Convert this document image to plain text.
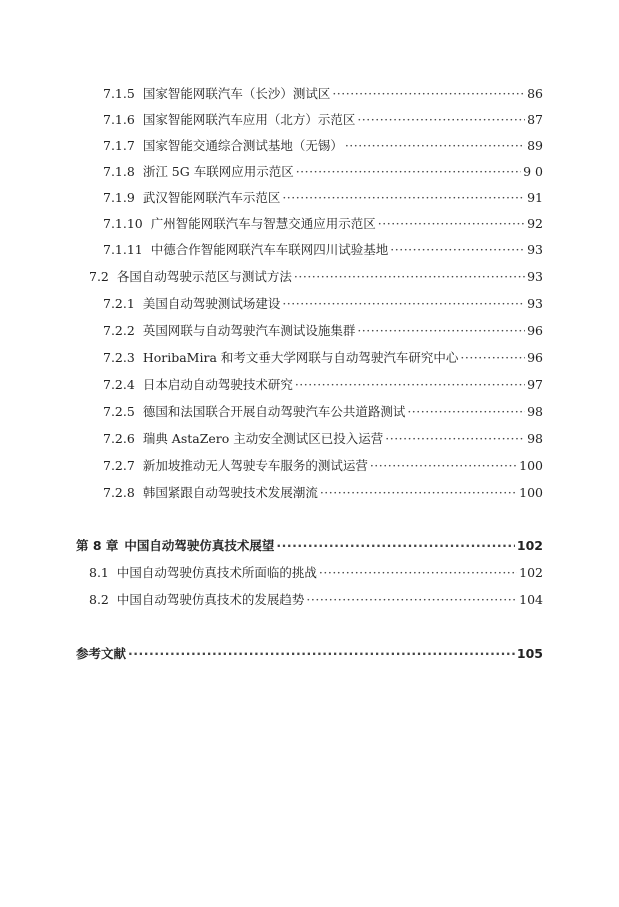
7.1.5 国家智能网联汽车（长沙）测试区 ·····	86
7.1.6 国家智能网联汽车应用（北方）示范区 ·····	87
7.1.7 国家智能交通综合测试基地（无锡） ·····	89
7.1.8 浙江 5G 车联网应用示范区 ·····	9 0
7.1.9 武汉智能网联汽车示范区 ·····	91
7.1.10 广州智能网联汽车与智慧交通应用示范区 ·····	92
7.1.11 中德合作智能网联汽车车联网四川试验基地 ·····	93
7.2 各国自动驾驶示范区与测试方法 ·····	93
7.2.1 美国自动驾驶测试场建设 ·····	93
7.2.2 英国网联与自动驾驶汽车测试设施集群 ·····	96
7.2.3 HoribaMira 和考文垂大学网联与自动驾驶汽车研究中心 ·····	96
7.2.4 日本启动自动驾驶技术研究 ·····	97
7.2.5 德国和法国联合开展自动驾驶汽车公共道路测试 ·····	98
7.2.6 瑞典 AstaZero 主动安全测试区已投入运营 ·····	98
7.2.7 新加坡推动无人驾驶专车服务的测试运营 ·····	100
7.2.8 韩国紧跟自动驾驶技术发展潮流 ·····	100
第 8 章 中国自动驾驶仿真技术展望 ·····	102
8.1 中国自动驾驶仿真技术所面临的挑战 ·····	102
8.2 中国自动驾驶仿真技术的发展趋势 ·····	104
参考文献 ·····	105
